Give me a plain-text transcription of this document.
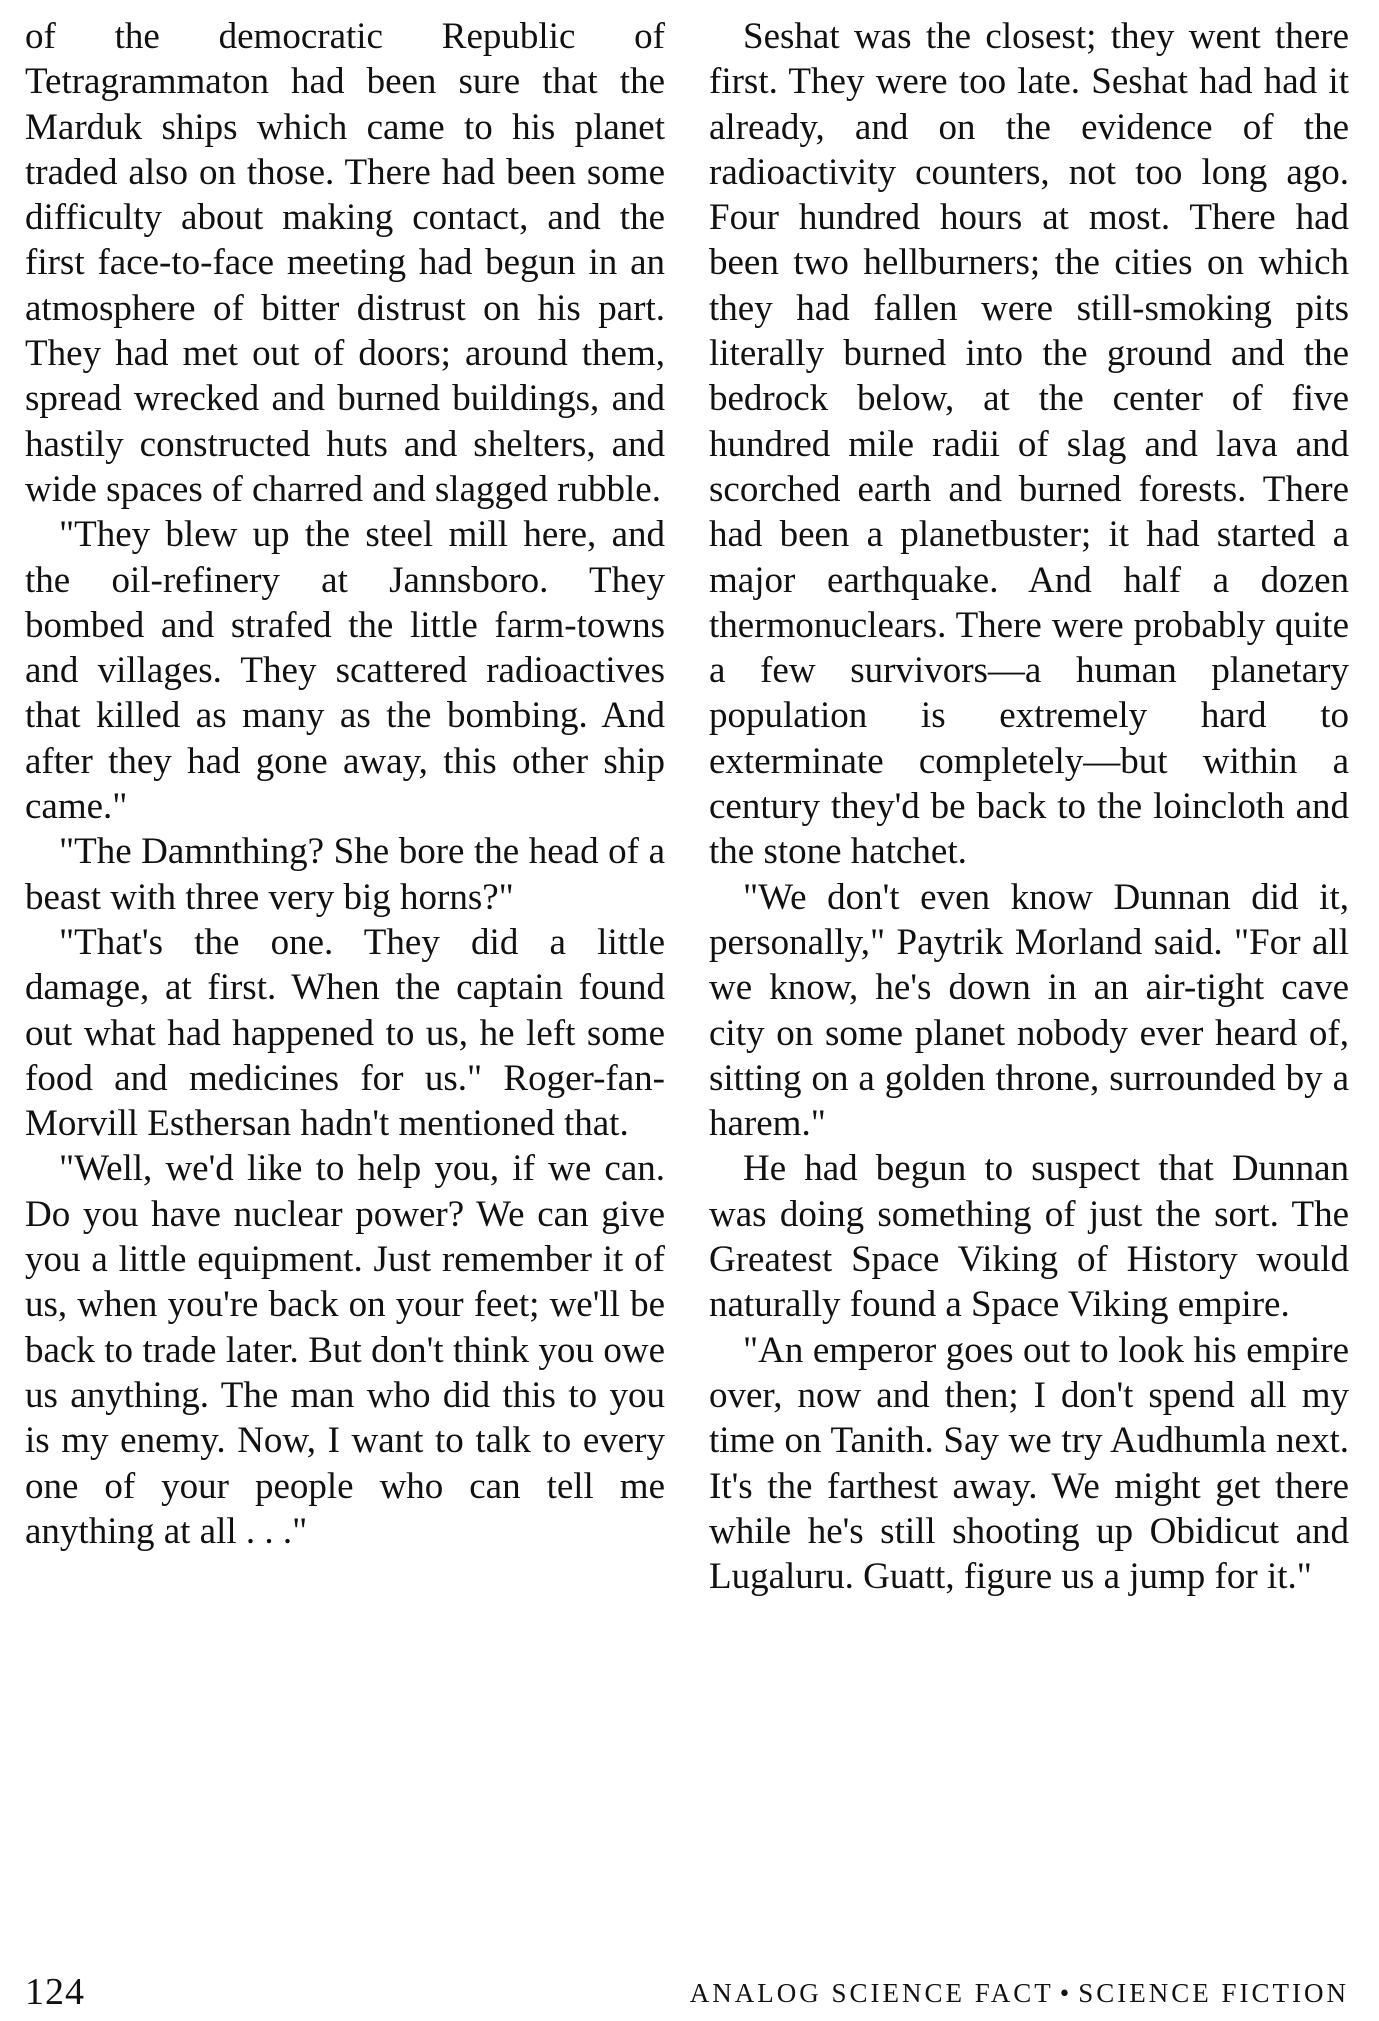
of the democratic Republic of Tetragrammaton had been sure that the Marduk ships which came to his planet traded also on those. There had been some difficulty about making contact, and the first face-to-face meeting had begun in an atmosphere of bitter distrust on his part. They had met out of doors; around them, spread wrecked and burned buildings, and hastily constructed huts and shelters, and wide spaces of charred and slagged rubble.

"They blew up the steel mill here, and the oil-refinery at Jannsboro. They bombed and strafed the little farm-towns and villages. They scattered radioactives that killed as many as the bombing. And after they had gone away, this other ship came."

"The Damnthing? She bore the head of a beast with three very big horns?"

"That's the one. They did a little damage, at first. When the captain found out what had happened to us, he left some food and medicines for us." Roger-fan-Morvill Esthersan hadn't mentioned that.

"Well, we'd like to help you, if we can. Do you have nuclear power? We can give you a little equipment. Just remember it of us, when you're back on your feet; we'll be back to trade later. But don't think you owe us anything. The man who did this to you is my enemy. Now, I want to talk to every one of your people who can tell me anything at all . . ."

Seshat was the closest; they went there first. They were too late. Seshat had had it already, and on the evidence of the radioactivity counters, not too long ago. Four hundred hours at most. There had been two hellburners; the cities on which they had fallen were still-smoking pits literally burned into the ground and the bedrock below, at the center of five hundred mile radii of slag and lava and scorched earth and burned forests. There had been a planetbuster; it had started a major earthquake. And half a dozen thermonuclears. There were probably quite a few survivors—a human planetary population is extremely hard to exterminate completely—but within a century they'd be back to the loincloth and the stone hatchet.

"We don't even know Dunnan did it, personally," Paytrik Morland said. "For all we know, he's down in an air-tight cave city on some planet nobody ever heard of, sitting on a golden throne, surrounded by a harem."

He had begun to suspect that Dunnan was doing something of just the sort. The Greatest Space Viking of History would naturally found a Space Viking empire.

"An emperor goes out to look his empire over, now and then; I don't spend all my time on Tanith. Say we try Audhumla next. It's the farthest away. We might get there while he's still shooting up Obidicut and Lugaluru. Guatt, figure us a jump for it."

124	ANALOG SCIENCE FACT • SCIENCE FICTION
